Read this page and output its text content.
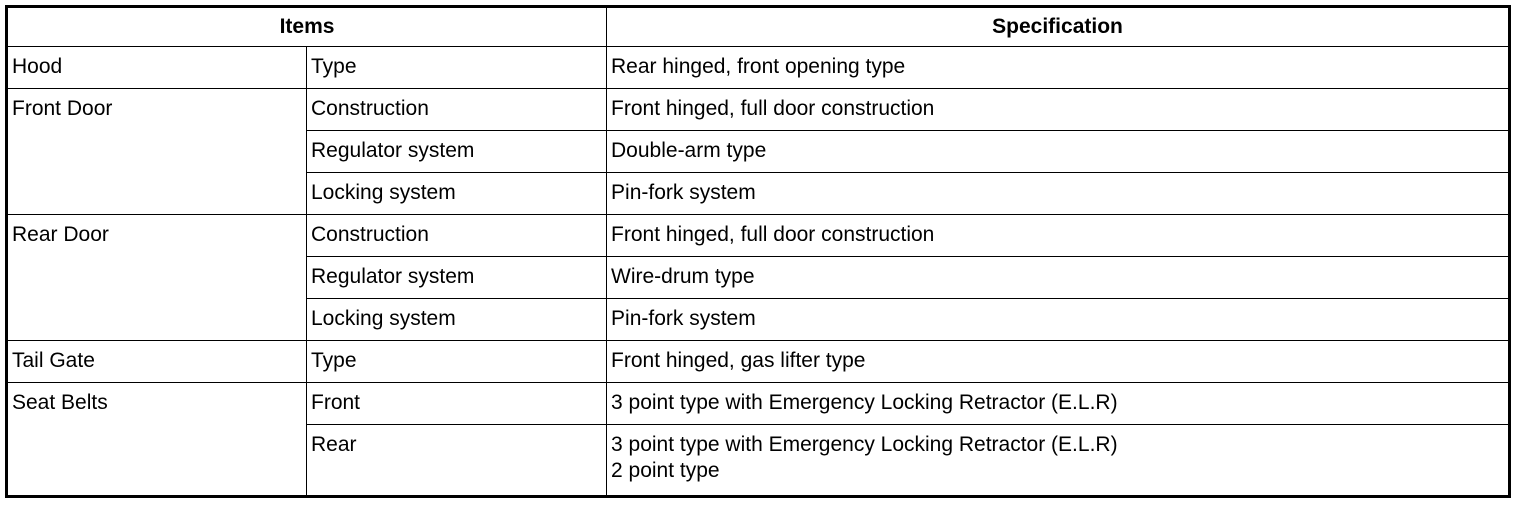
Items		Specification
Hood	Type	Rear hinged, front opening type

Front Door	Construction	Front hinged, full door construction

	Regulator system	Double-arm type

	Locking system	Pin-fork system

Rear Door	Construction	Front hinged, full door construction

	Regulator system	Wire-drum type

	Locking system	Pin-fork system

Tail Gate	Type	Front hinged, gas lifter type

Seat Belts	Front	3 point type with Emergency Locking Retractor (E.L.R)

	Rear	3 point type with Emergency Locking Retractor (E.L.R)
2 point type
